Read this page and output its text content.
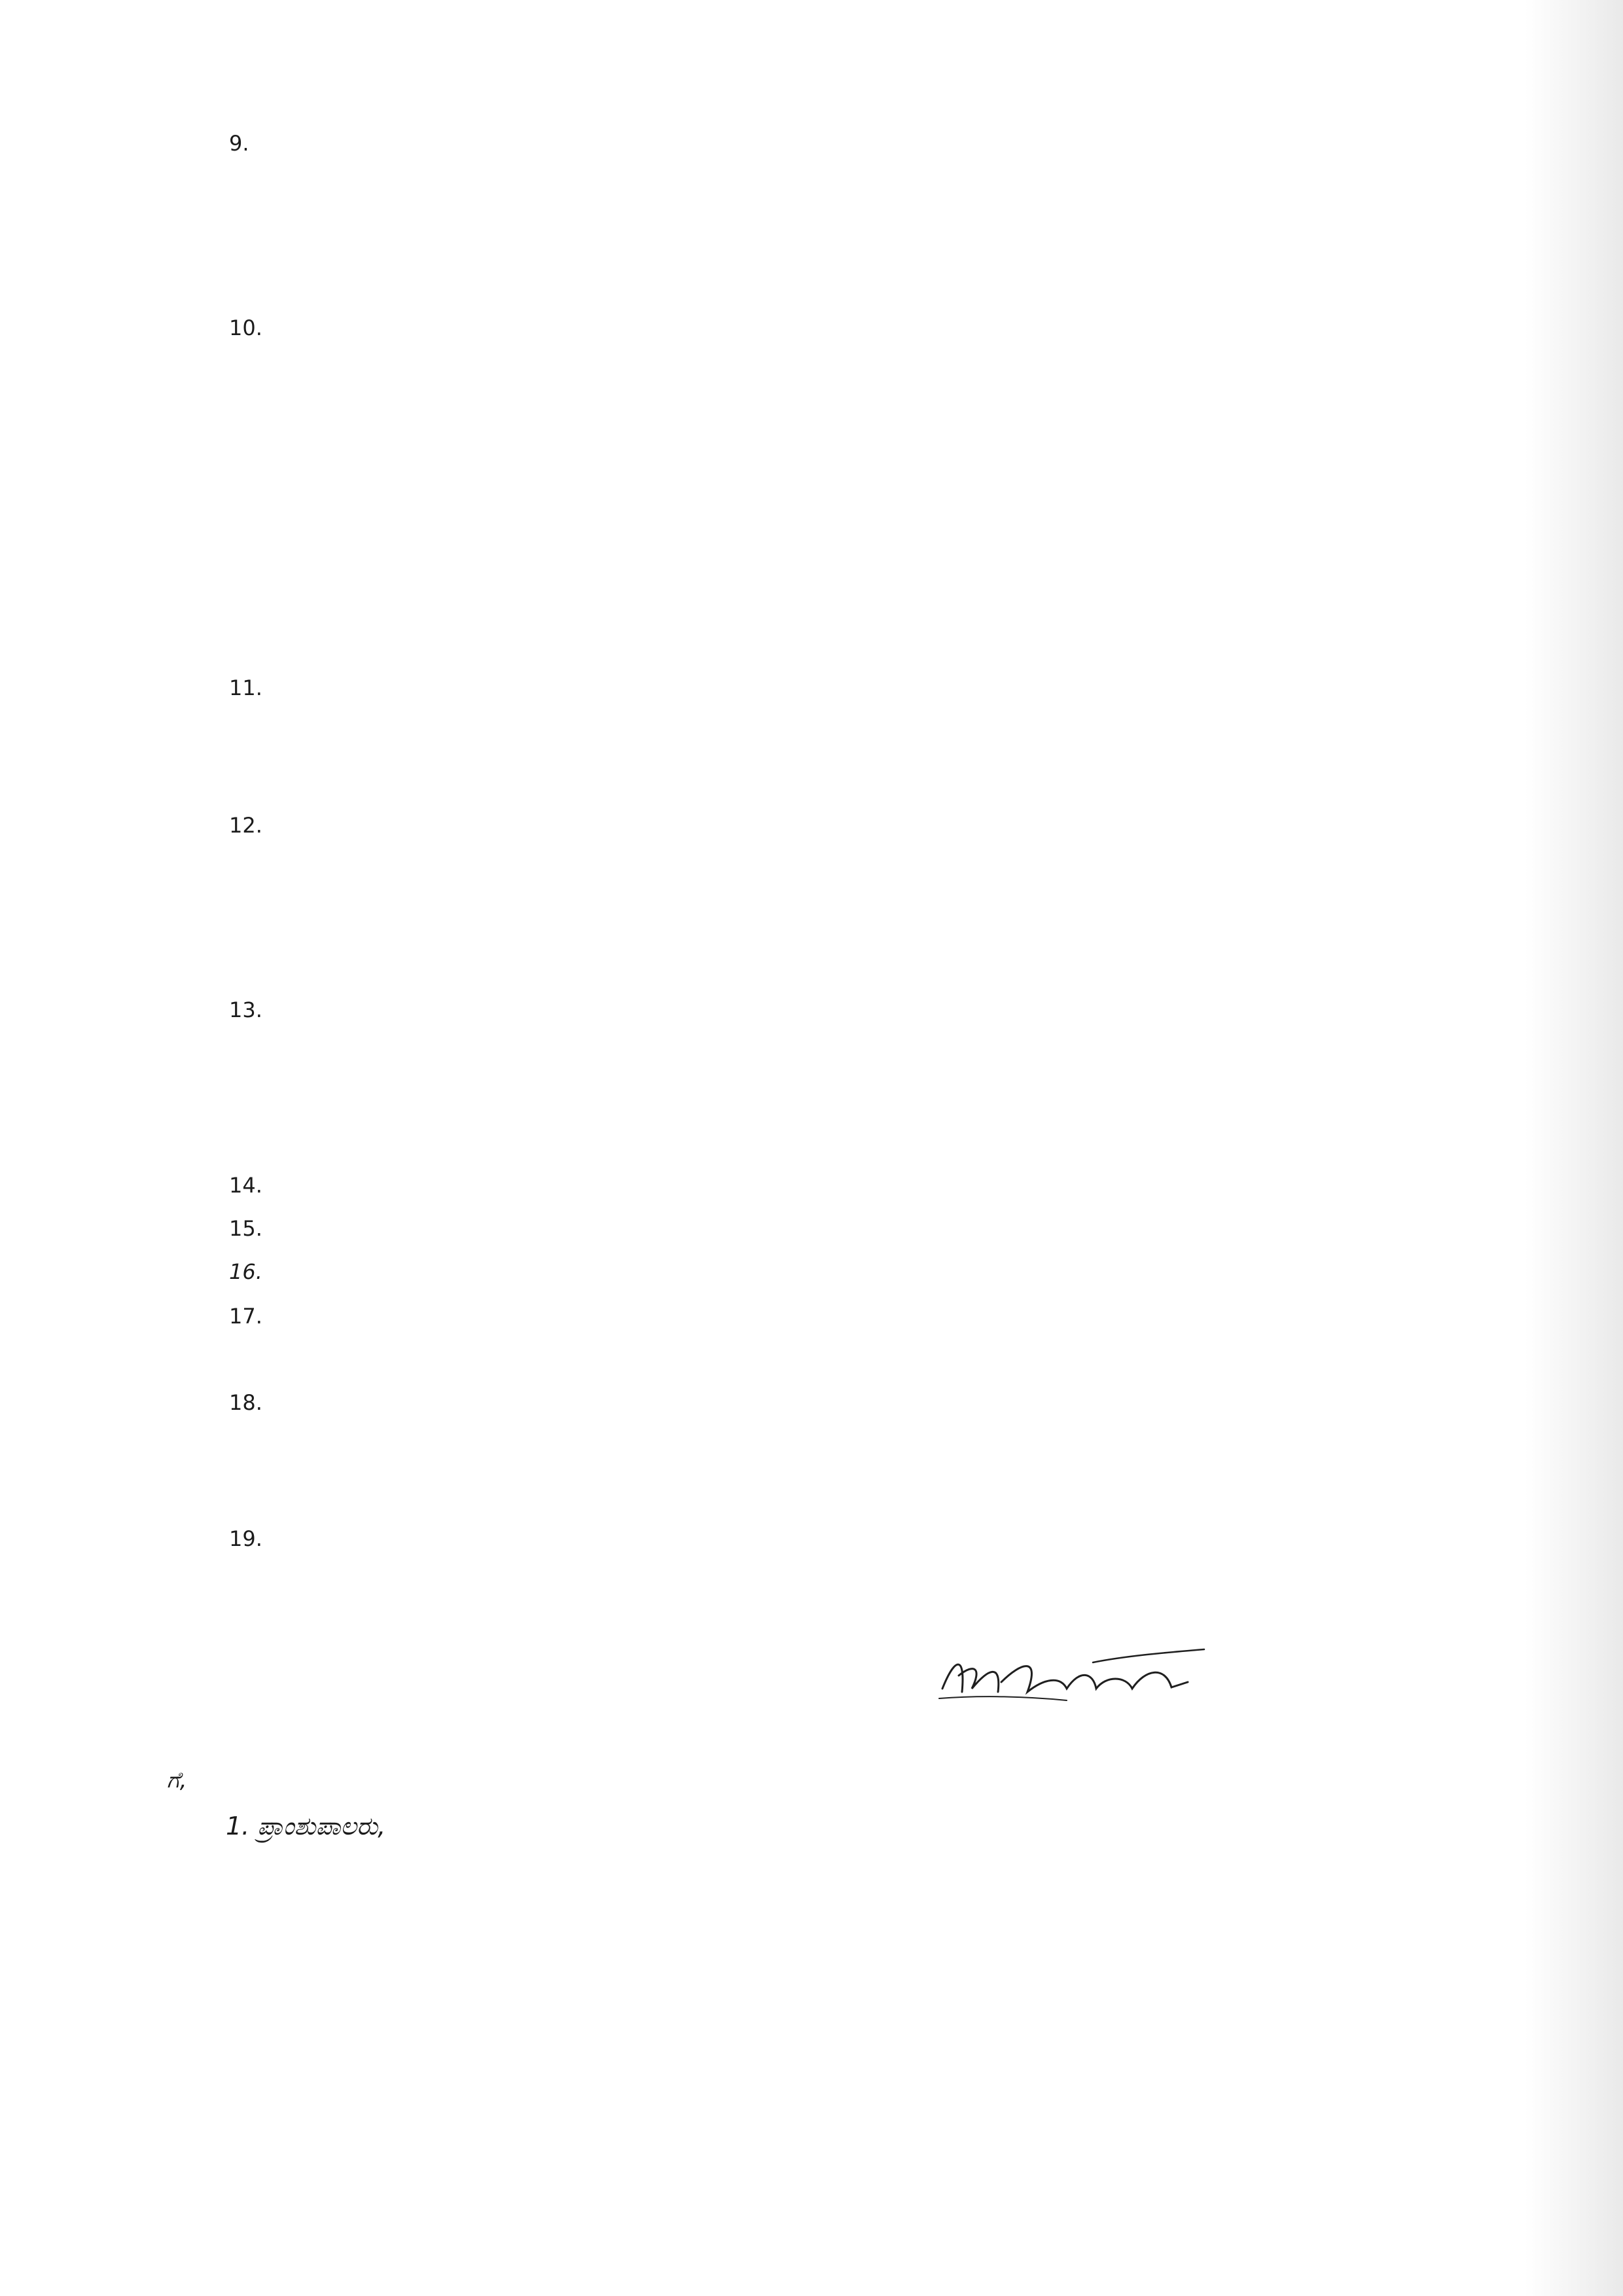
9.
10.
11.
12.
13.
14.
15.
16.
17.
18.
19.
ಗೆ,
1. ಪ್ರಾಂಶುಪಾಲರು,
